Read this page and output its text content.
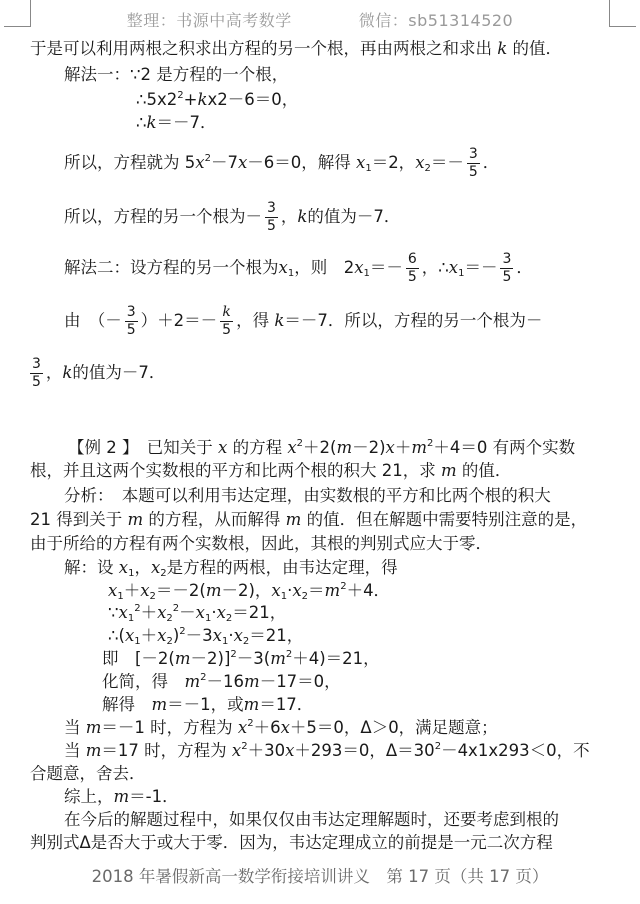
整理：书源中高考数学	微信：sb51314520
于是可以利用两根之积求出方程的另一个根，再由两根之和求出 k 的值．
解法一：∵2 是方程的一个根，
$\therefore 5x2^2+kx2-6=0$，
∴k＝－7．
所以，方程就为 $5x^2-7x-6=0$，解得 $x_1=2$，$x_2=- \frac{3}{5}$ ．
所以，方程的另一个根为－ $\frac{3}{5}$ ，k的值为－7．
解法二：设方程的另一个根为$x_1$，则　$2x_1=- \frac{6}{5}$ ，$\therefore x_1=- \frac{3}{5}$ ．
由　（－ $\frac{3}{5} )+2=- \frac{k}{5}$ ，得 k＝－7．所以，方程的另一个根为－
$\frac{3}{5}$ ，k的值为－7．
【例 2 】　已知关于 x 的方程 $x^2+2(m-2)x+m^2+4=0$ 有两个实数
根，并且这两个实数根的平方和比两个根的积大 21，求 m 的值．
分析：　本题可以利用韦达定理，由实数根的平方和比两个根的积大
21 得到关于 m 的方程，从而解得 m 的值．但在解题中需要特别注意的是，
由于所给的方程有两个实数根，因此，其根的判别式应大于零．
解：设 $x_1$，$x_2$是方程的两根，由韦达定理，得
$x_1+x_2=-2(m-2)$，$x_1\cdot x_2=m^2+4$．
$\because x_1^2+x_2^2-x_1\cdot x_2=21$，
$\therefore(x_1+x_2)^2-3x_1\cdot x_2=21$，
即　$[-2(m-2)]^2-3(m^2+4)=21$，
化简，得　$m^2-16m-17=0$，
解得　m＝－1，或m＝17．
当 m＝－1 时，方程为 $x^2+6x+5=0$，Δ＞0，满足题意；
当 m＝17 时，方程为 $x^2+30x+293=0$，$\Delta=30^2-4x1x293<0$，不
合题意，舍去．
综上，m＝-1．
在今后的解题过程中，如果仅仅由韦达定理解题时，还要考虑到根的
判别式Δ是否大于或大于零．因为，韦达定理成立的前提是一元二次方程
2018 年暑假新高一数学衔接培训讲义　第 17 页（共 17 页）
